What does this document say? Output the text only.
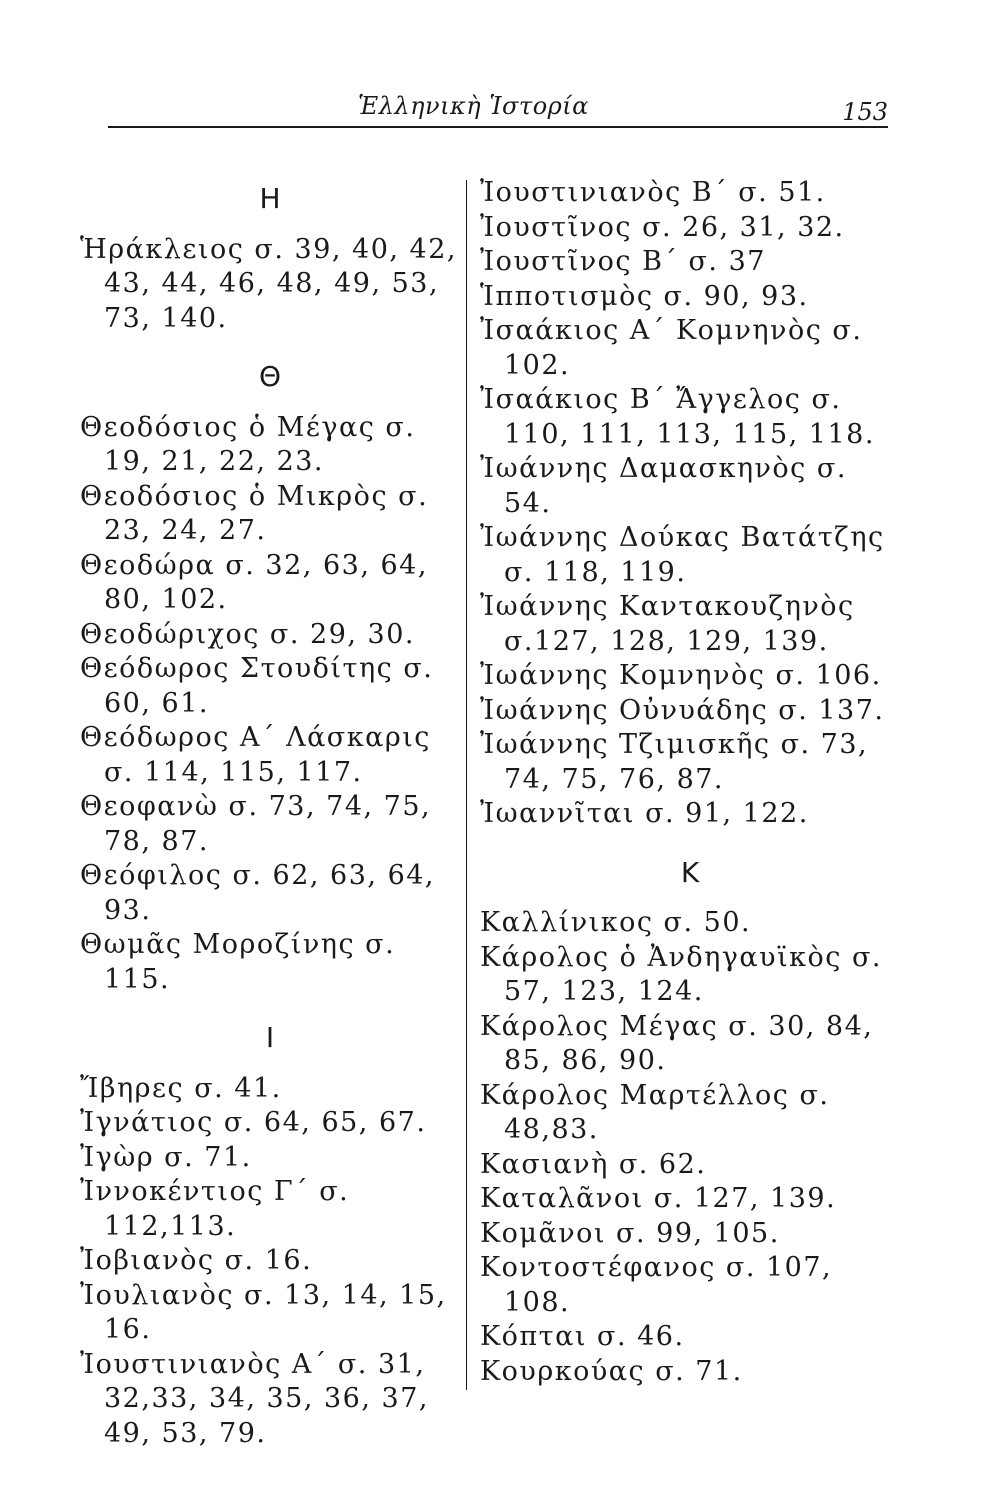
Ἑλληνικὴ Ἱστορία	153
Η

Ἡράκλειος σ. 39, 40, 42, 43, 44, 46, 48, 49, 53, 73, 140.

Θ

Θεοδόσιος ὁ Μέγας σ. 19, 21, 22, 23.

Θεοδόσιος ὁ Μικρὸς σ. 23, 24, 27.

Θεοδώρα σ. 32, 63, 64, 80, 102.

Θεοδώριχος σ. 29, 30.

Θεόδωρος Στουδίτης σ. 60, 61.

Θεόδωρος Α΄ Λάσκαρις σ. 114, 115, 117.

Θεοφανὼ σ. 73, 74, 75, 78, 87.

Θεόφιλος σ. 62, 63, 64, 93.

Θωμᾶς Μοροζίνης σ. 115.

Ι

Ἴβηρες σ. 41.

Ἰγνάτιος σ. 64, 65, 67.

Ἰγὼρ σ. 71.

Ἰννοκέντιος Γ΄ σ. 112,113.

Ἰοβιανὸς σ. 16.

Ἰουλιανὸς σ. 13, 14, 15, 16.

Ἰουστινιανὸς Α΄ σ. 31, 32,33, 34, 35, 36, 37, 49, 53, 79.

Ἰουστινιανὸς Β΄ σ. 51.

Ἰουστῖνος σ. 26, 31, 32.

Ἰουστῖνος Β΄ σ. 37

Ἱπποτισμὸς σ. 90, 93.

Ἰσαάκιος Α΄ Κομνηνὸς σ. 102.

Ἰσαάκιος Β΄ Ἄγγελος σ. 110, 111, 113, 115, 118.

Ἰωάννης Δαμασκηνὸς σ. 54.

Ἰωάννης Δούκας Βατάτζης σ. 118, 119.

Ἰωάννης Καντακουζηνὸς σ.127, 128, 129, 139.

Ἰωάννης Κομνηνὸς σ. 106.

Ἰωάννης Οὐνυάδης σ. 137.

Ἰωάννης Τζιμισκῆς σ. 73, 74, 75, 76, 87.

Ἰωαννῖται σ. 91, 122.

Κ

Καλλίνικος σ. 50.

Κάρολος ὁ Ἀνδηγαυϊκὸς σ. 57, 123, 124.

Κάρολος Μέγας σ. 30, 84, 85, 86, 90.

Κάρολος Μαρτέλλος σ. 48,83.

Κασιανὴ σ. 62.

Καταλᾶνοι σ. 127, 139.

Κομᾶνοι σ. 99, 105.

Κοντοστέφανος σ. 107, 108.

Κόπται σ. 46.

Κουρκούας σ. 71.
